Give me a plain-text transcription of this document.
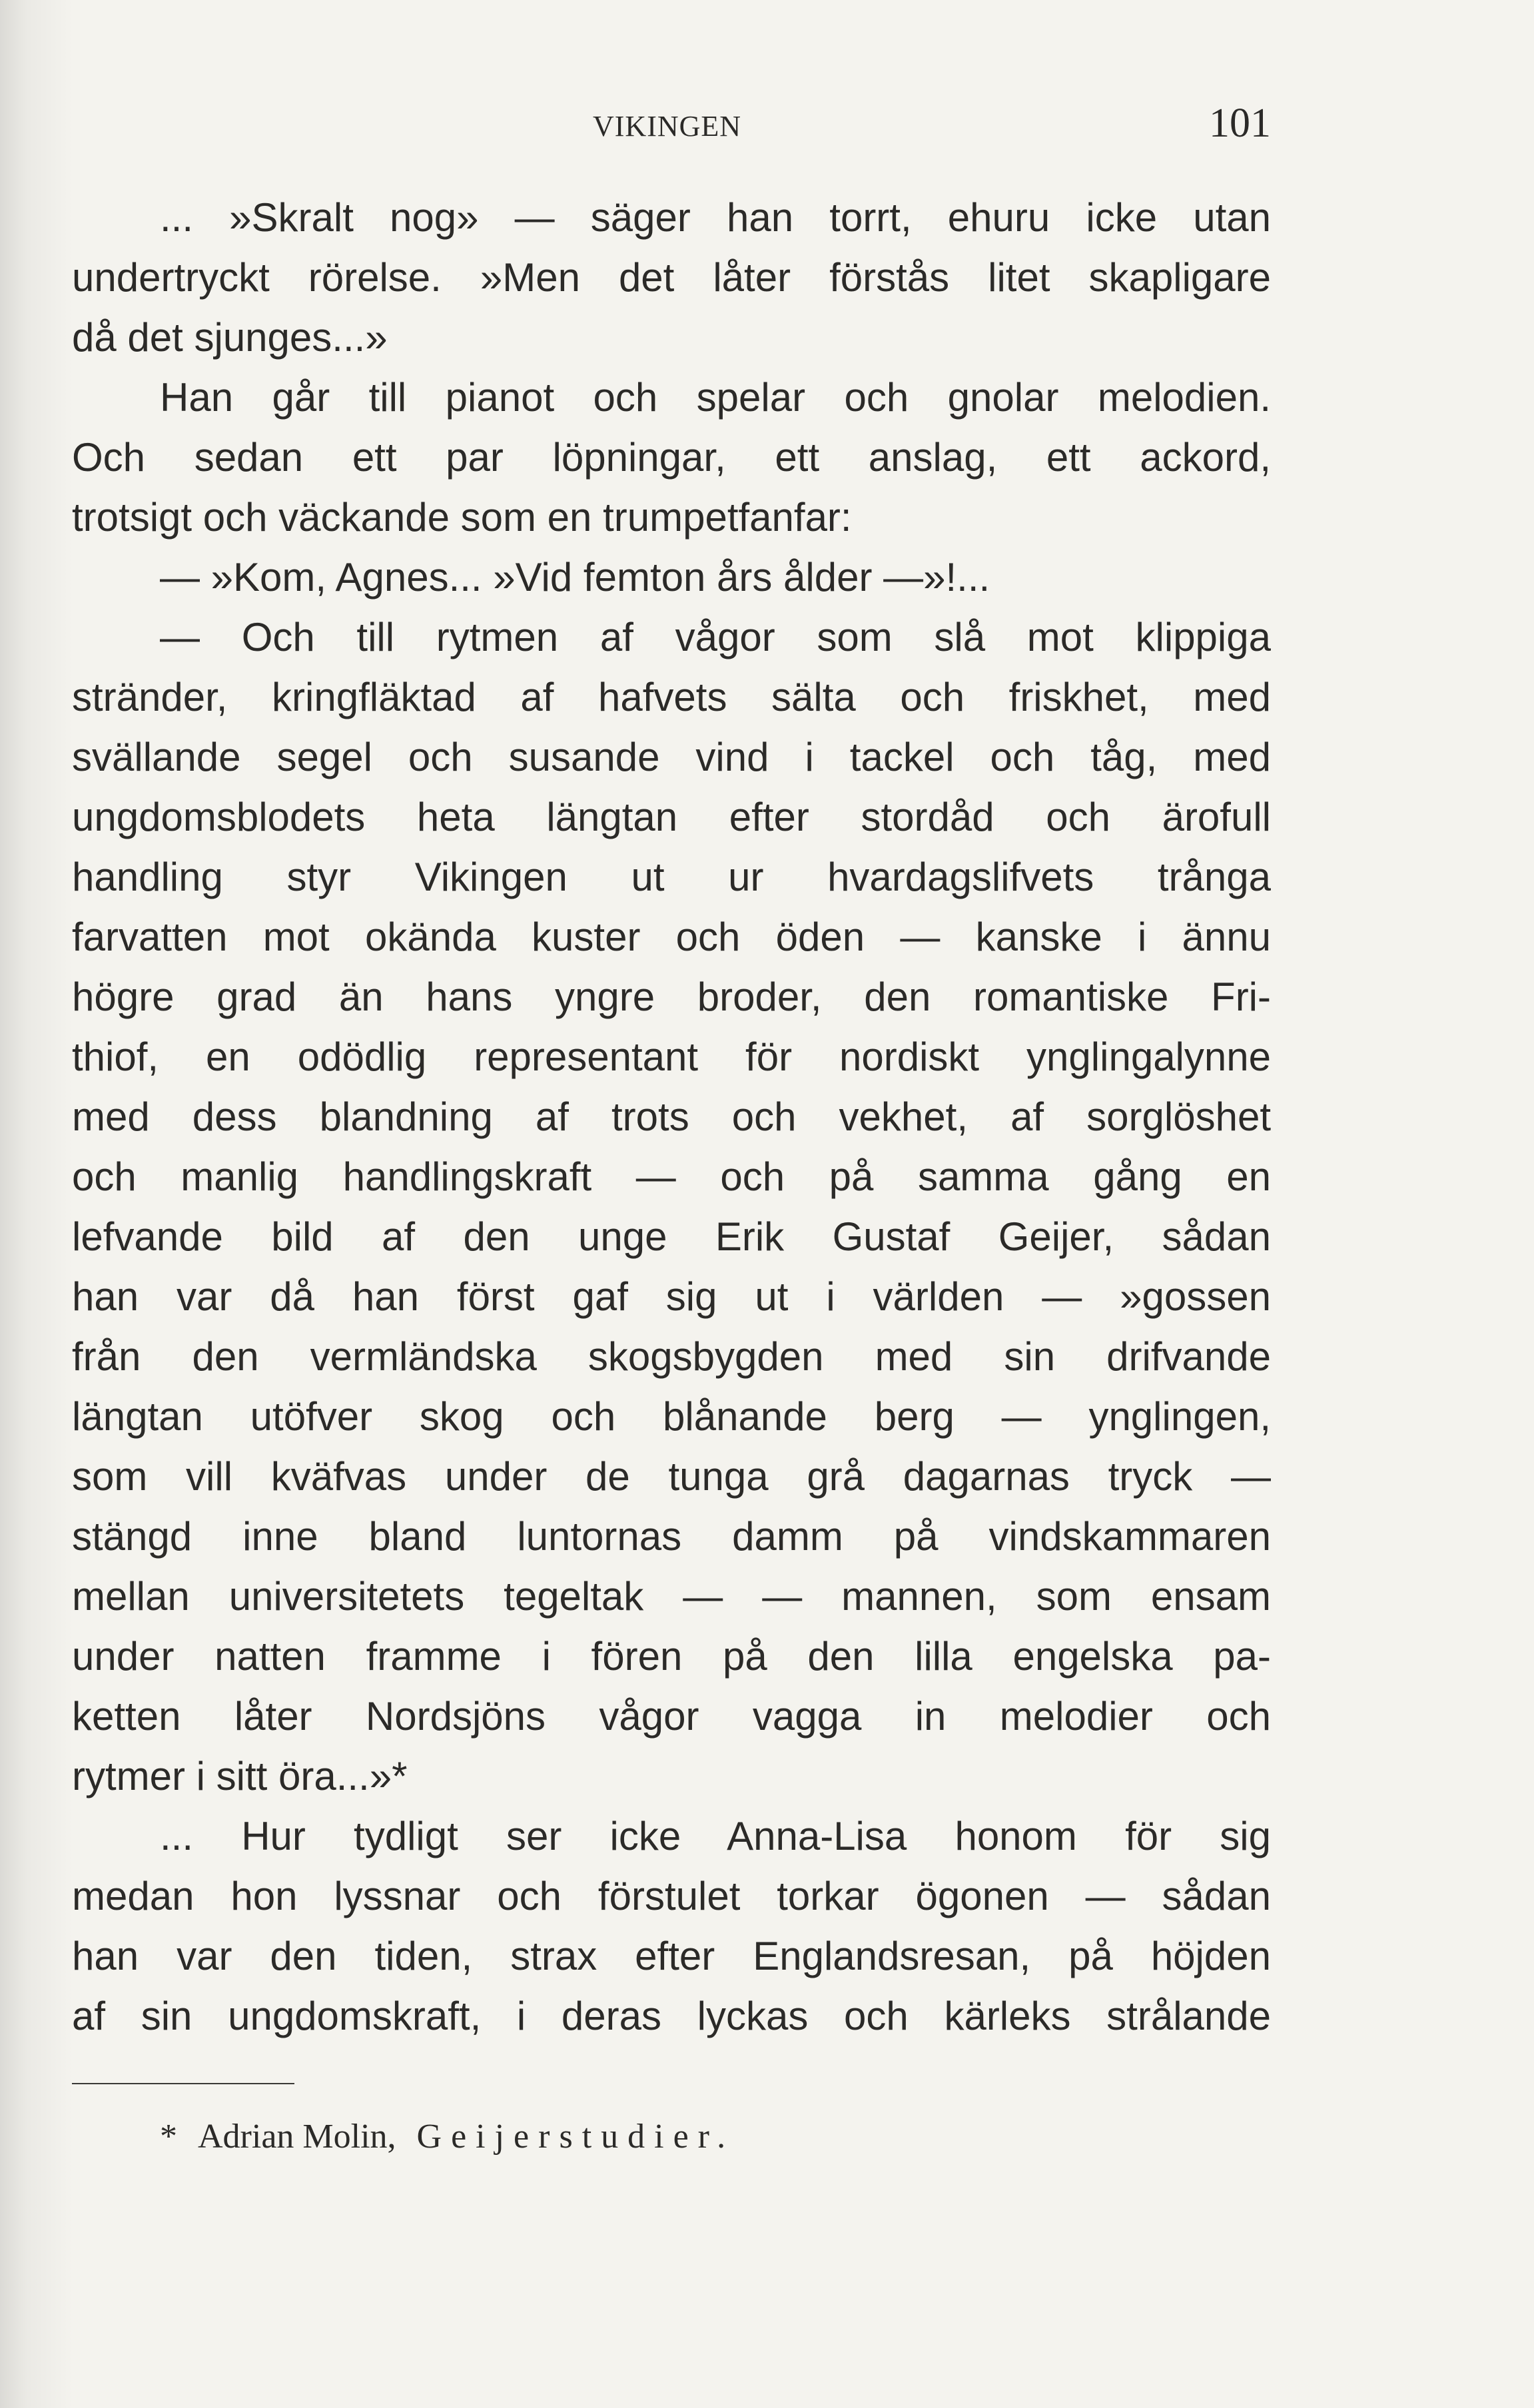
VIKINGEN	101
... »Skralt nog» — säger han torrt, ehuru icke utan
undertryckt rörelse. »Men det låter förstås litet skapligare
då det sjunges...»
Han går till pianot och spelar och gnolar melodien.
Och sedan ett par löpningar, ett anslag, ett ackord,
trotsigt och väckande som en trumpetfanfar:
— »Kom, Agnes... »Vid femton års ålder —»!...
— Och till rytmen af vågor som slå mot klippiga
stränder, kringfläktad af hafvets sälta och friskhet, med
svällande segel och susande vind i tackel och tåg, med
ungdomsblodets heta längtan efter stordåd och ärofull
handling styr Vikingen ut ur hvardagslifvets trånga
farvatten mot okända kuster och öden — kanske i ännu
högre grad än hans yngre broder, den romantiske Fri-
thiof, en odödlig representant för nordiskt ynglingalynne
med dess blandning af trots och vekhet, af sorglöshet
och manlig handlingskraft — och på samma gång en
lefvande bild af den unge Erik Gustaf Geijer, sådan
han var då han först gaf sig ut i världen — »gossen
från den vermländska skogsbygden med sin drifvande
längtan utöfver skog och blånande berg — ynglingen,
som vill kväfvas under de tunga grå dagarnas tryck —
stängd inne bland luntornas damm på vindskammaren
mellan universitetets tegeltak — — mannen, som ensam
under natten framme i fören på den lilla engelska pa-
ketten låter Nordsjöns vågor vagga in melodier och
rytmer i sitt öra...»*
... Hur tydligt ser icke Anna-Lisa honom för sig
medan hon lyssnar och förstulet torkar ögonen — sådan
han var den tiden, strax efter Englandsresan, på höjden
af sin ungdomskraft, i deras lyckas och kärleks strålande
* Adrian Molin, Geijerstudier.
